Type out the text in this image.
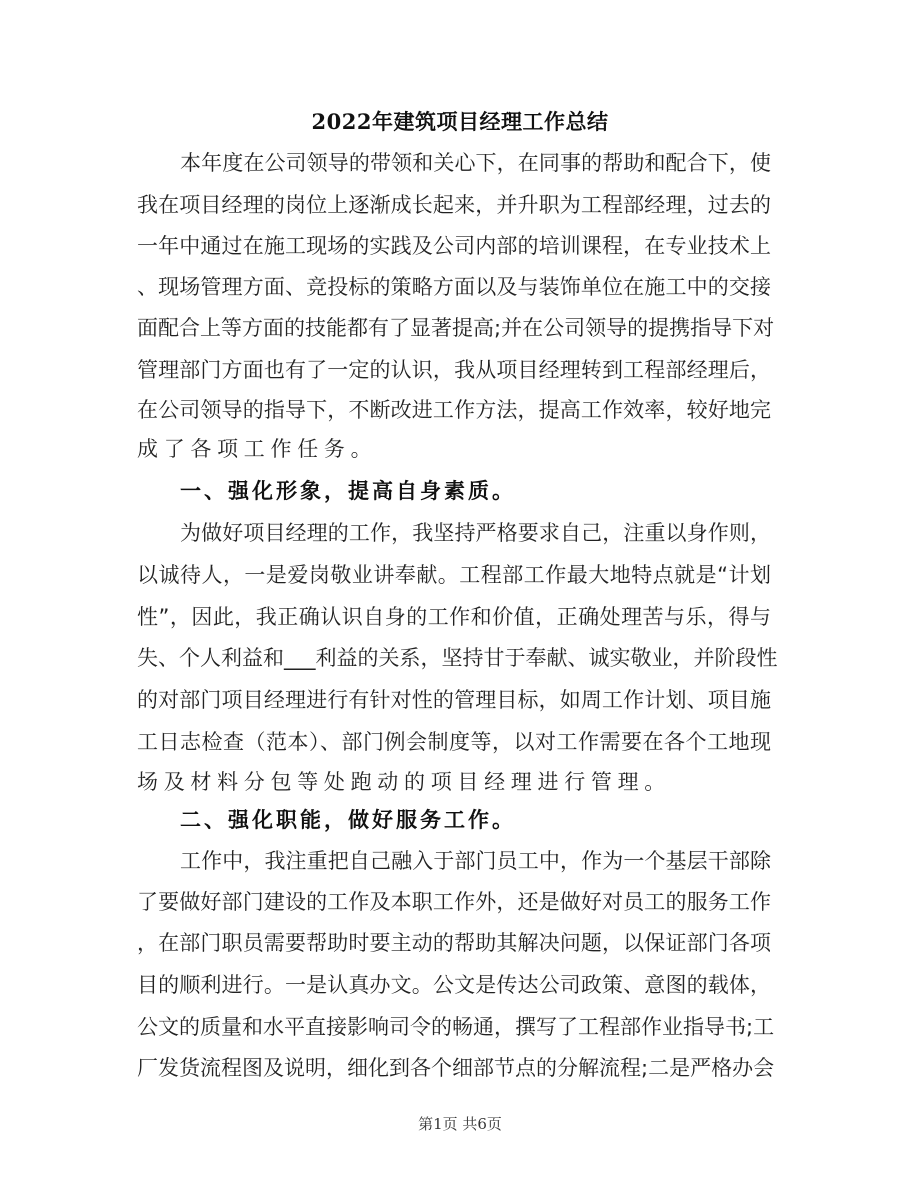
2022年建筑项目经理工作总结
本年度在公司领导的带领和关心下，在同事的帮助和配合下，使
我在项目经理的岗位上逐渐成长起来，并升职为工程部经理，过去的
一年中通过在施工现场的实践及公司内部的培训课程，在专业技术上
、现场管理方面、竞投标的策略方面以及与装饰单位在施工中的交接
面配合上等方面的技能都有了显著提高;并在公司领导的提携指导下对
管理部门方面也有了一定的认识，我从项目经理转到工程部经理后，
在公司领导的指导下，不断改进工作方法，提高工作效率，较好地完
成了各项工作任务。
一、强化形象，提高自身素质。
为做好项目经理的工作，我坚持严格要求自己，注重以身作则，
以诚待人，一是爱岗敬业讲奉献。工程部工作最大地特点就是“计划
性”，因此，我正确认识自身的工作和价值，正确处理苦与乐，得与
失、个人利益和___利益的关系，坚持甘于奉献、诚实敬业，并阶段性
的对部门项目经理进行有针对性的管理目标，如周工作计划、项目施
工日志检查（范本）、部门例会制度等，以对工作需要在各个工地现
场及材料分包等处跑动的项目经理进行管理。
二、强化职能，做好服务工作。
工作中，我注重把自己融入于部门员工中，作为一个基层干部除
了要做好部门建设的工作及本职工作外，还是做好对员工的服务工作
，在部门职员需要帮助时要主动的帮助其解决问题，以保证部门各项
目的顺利进行。一是认真办文。公文是传达公司政策、意图的载体，
公文的质量和水平直接影响司令的畅通，撰写了工程部作业指导书;工
厂发货流程图及说明，细化到各个细部节点的分解流程;二是严格办会
第1页 共6页
